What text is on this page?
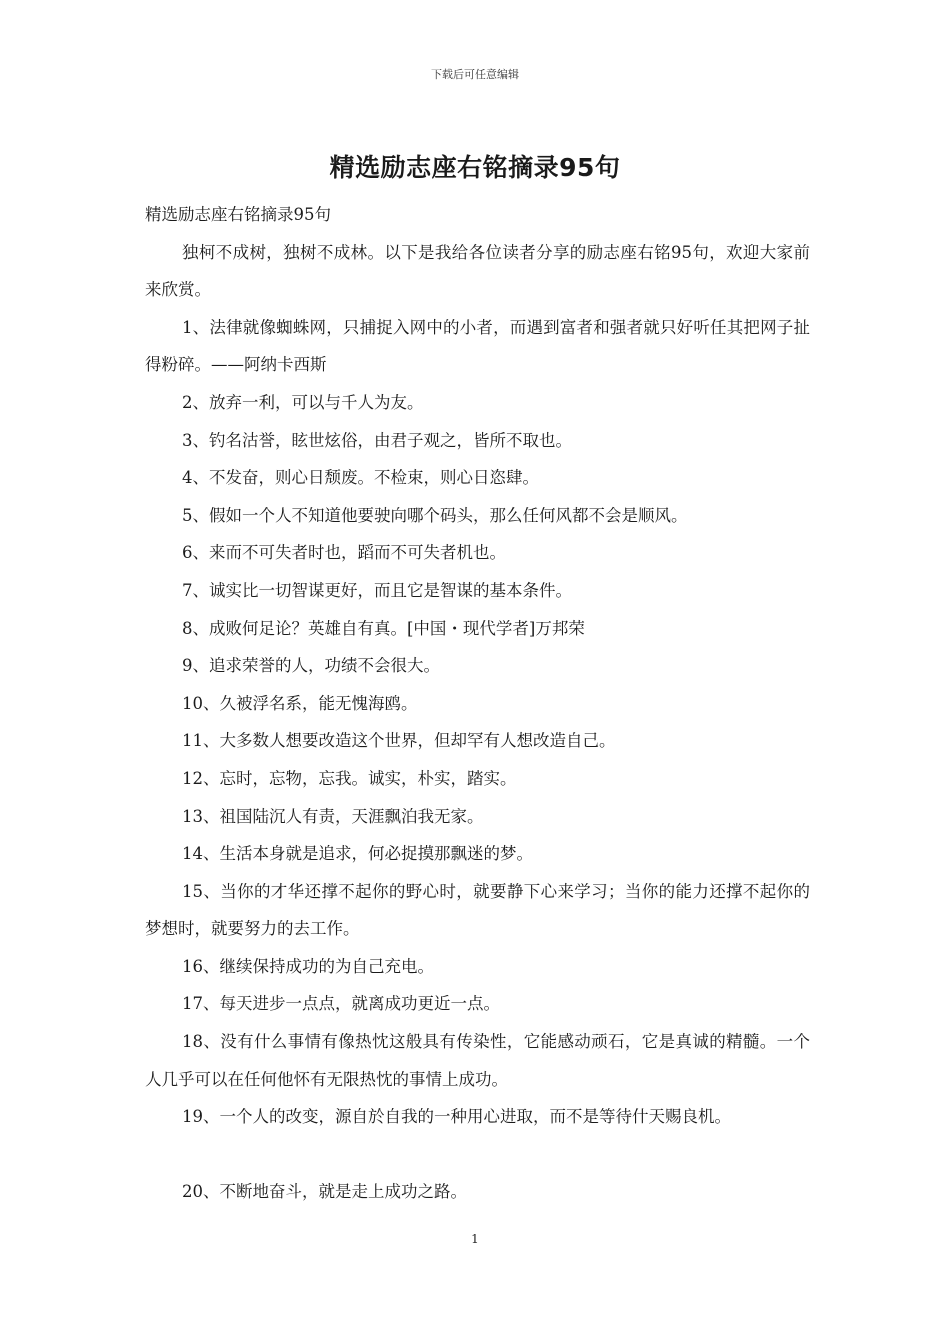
下载后可任意编辑
精选励志座右铭摘录95句

精选励志座右铭摘录95句

独柯不成树，独树不成林。以下是我给各位读者分享的励志座右铭95句，欢迎大家前来欣赏。

1、法律就像蜘蛛网，只捕捉入网中的小者，而遇到富者和强者就只好听任其把网子扯得粉碎。——阿纳卡西斯

2、放弃一利，可以与千人为友。

3、钓名沽誉，眩世炫俗，由君子观之，皆所不取也。

4、不发奋，则心日颓废。不检束，则心日恣肆。

5、假如一个人不知道他要驶向哪个码头，那么任何风都不会是顺风。

6、来而不可失者时也，蹈而不可失者机也。

7、诚实比一切智谋更好，而且它是智谋的基本条件。

8、成败何足论？英雄自有真。[中国・现代学者]万邦荣

9、追求荣誉的人，功绩不会很大。

10、久被浮名系，能无愧海鸥。

11、大多数人想要改造这个世界，但却罕有人想改造自己。

12、忘时，忘物，忘我。诚实，朴实，踏实。

13、祖国陆沉人有责，天涯飘泊我无家。

14、生活本身就是追求，何必捉摸那飘迷的梦。

15、当你的才华还撑不起你的野心时，就要静下心来学习；当你的能力还撑不起你的梦想时，就要努力的去工作。

16、继续保持成功的为自己充电。

17、每天进步一点点，就离成功更近一点。

18、没有什么事情有像热忱这般具有传染性，它能感动顽石，它是真诚的精髓。一个人几乎可以在任何他怀有无限热忱的事情上成功。

19、一个人的改变，源自於自我的一种用心进取，而不是等待什天赐良机。

20、不断地奋斗，就是走上成功之路。

1
